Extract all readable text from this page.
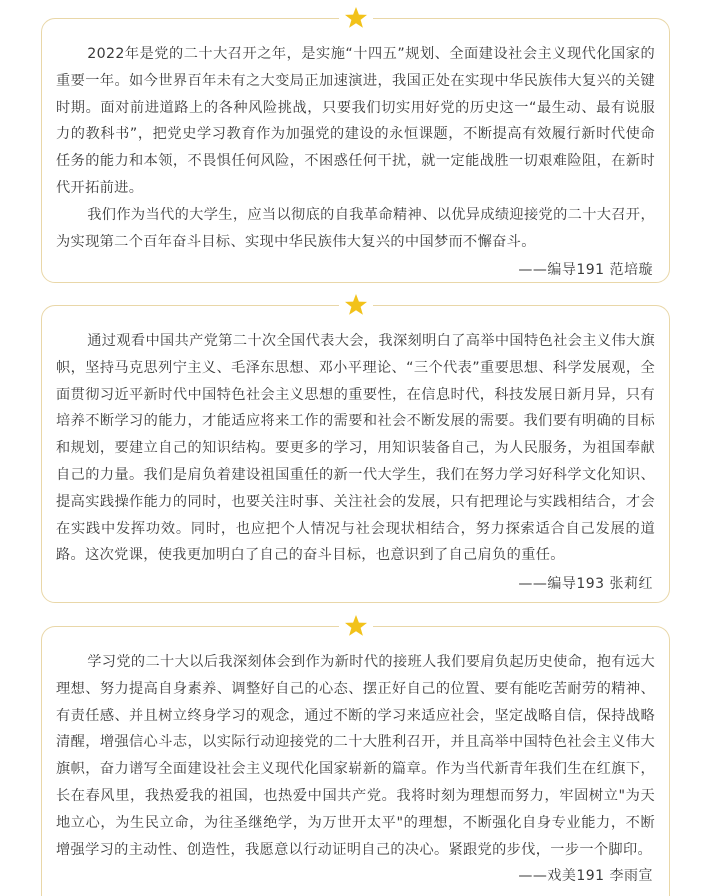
2022年是党的二十大召开之年，是实施“十四五”规划、全面建设社会主义现代化国家的重要一年。如今世界百年未有之大变局正加速演进，我国正处在实现中华民族伟大复兴的关键时期。面对前进道路上的各种风险挑战，只要我们切实用好党的历史这一“最生动、最有说服力的教科书”，把党史学习教育作为加强党的建设的永恒课题，不断提高有效履行新时代使命任务的能力和本领，不畏惧任何风险，不困惑任何干扰，就一定能战胜一切艰难险阻，在新时代开拓前进。

我们作为当代的大学生，应当以彻底的自我革命精神、以优异成绩迎接党的二十大召开，为实现第二个百年奋斗目标、实现中华民族伟大复兴的中国梦而不懈奋斗。

——编导191 范培璇

通过观看中国共产党第二十次全国代表大会，我深刻明白了高举中国特色社会主义伟大旗帜，坚持马克思列宁主义、毛泽东思想、邓小平理论、“三个代表”重要思想、科学发展观，全面贯彻习近平新时代中国特色社会主义思想的重要性，在信息时代，科技发展日新月异，只有培养不断学习的能力，才能适应将来工作的需要和社会不断发展的需要。我们要有明确的目标和规划，要建立自己的知识结构。要更多的学习，用知识装备自己，为人民服务，为祖国奉献自己的力量。我们是肩负着建设祖国重任的新一代大学生，我们在努力学习好科学文化知识、提高实践操作能力的同时，也要关注时事、关注社会的发展，只有把理论与实践相结合，才会在实践中发挥功效。同时，也应把个人情况与社会现状相结合，努力探索适合自己发展的道路。这次党课，使我更加明白了自己的奋斗目标，也意识到了自己肩负的重任。

——编导193 张莉红

学习党的二十大以后我深刻体会到作为新时代的接班人我们要肩负起历史使命，抱有远大理想、努力提高自身素养、调整好自己的心态、摆正好自己的位置、要有能吃苦耐劳的精神、有责任感、并且树立终身学习的观念，通过不断的学习来适应社会，坚定战略自信，保持战略清醒，增强信心斗志，以实际行动迎接党的二十大胜利召开，并且高举中国特色社会主义伟大旗帜，奋力谱写全面建设社会主义现代化国家崭新的篇章。作为当代新青年我们生在红旗下，长在春风里，我热爱我的祖国，也热爱中国共产党。我将时刻为理想而努力，牢固树立"为天地立心，为生民立命，为往圣继绝学，为万世开太平"的理想，不断强化自身专业能力，不断增强学习的主动性、创造性，我愿意以行动证明自己的决心。紧跟党的步伐，一步一个脚印。

——戏美191 李雨宣
